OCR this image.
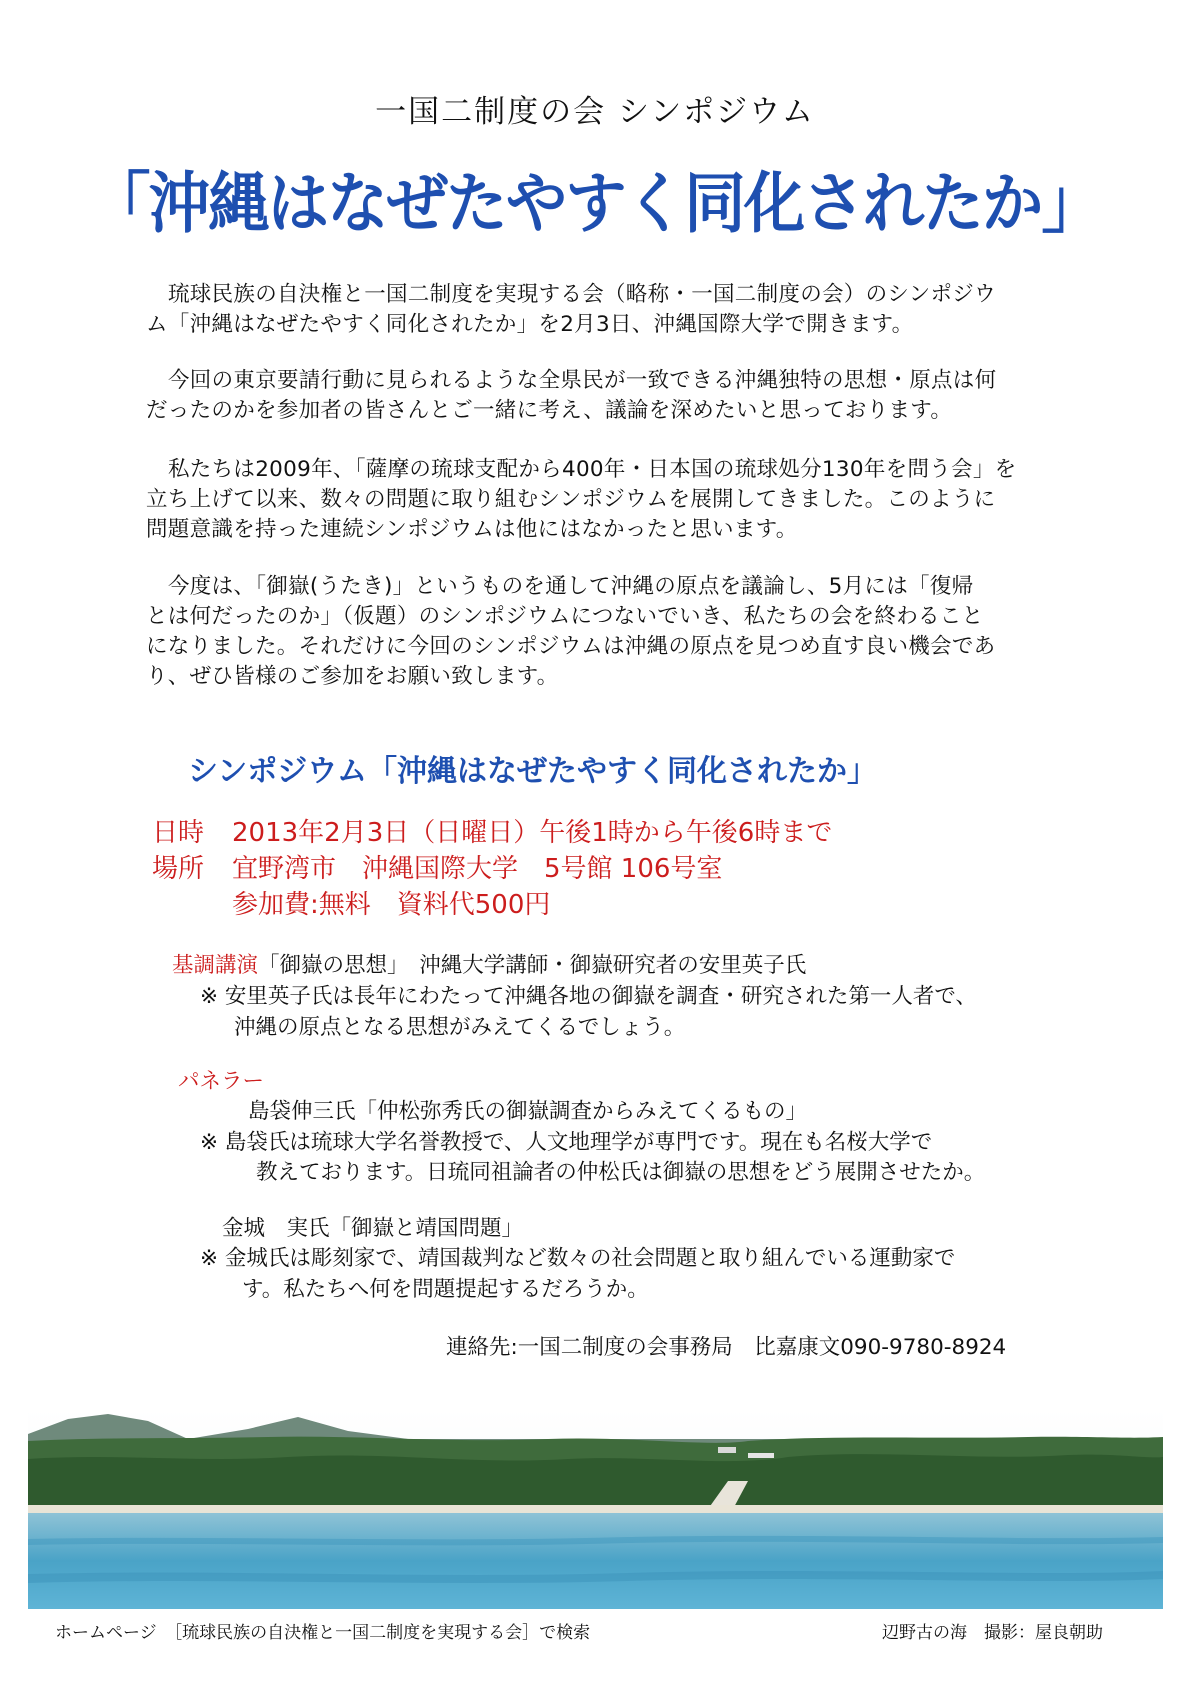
一国二制度の会 シンポジウム
「沖縄はなぜたやすく同化されたか」

琉球民族の自決権と一国二制度を実現する会（略称・一国二制度の会）のシンポジウ

ム「沖縄はなぜたやすく同化されたか」を2月3日、沖縄国際大学で開きます。

今回の東京要請行動に見られるような全県民が一致できる沖縄独特の思想・原点は何

だったのかを参加者の皆さんとご一緒に考え、議論を深めたいと思っております。

私たちは2009年、「薩摩の琉球支配から400年・日本国の琉球処分130年を問う会」を

立ち上げて以来、数々の問題に取り組むシンポジウムを展開してきました。このように

問題意識を持った連続シンポジウムは他にはなかったと思います。

今度は、「御嶽(うたき)」というものを通して沖縄の原点を議論し、5月には「復帰

とは何だったのか」（仮題）のシンポジウムにつないでいき、私たちの会を終わること

になりました。それだけに今回のシンポジウムは沖縄の原点を見つめ直す良い機会であ

り、ぜひ皆様のご参加をお願い致します。

シンポジウム「沖縄はなぜたやすく同化されたか」
日時 2013年2月3日（日曜日）午後1時から午後6時まで
場所 宜野湾市　沖縄国際大学　5号館 106号室
参加費:無料　資料代500円
基調講演 「御嶽の思想」　沖縄大学講師・御嶽研究者の安里英子氏
※ 安里英子氏は長年にわたって沖縄各地の御嶽を調査・研究された第一人者で、
沖縄の原点となる思想がみえてくるでしょう。
パネラー
島袋伸三氏「仲松弥秀氏の御嶽調査からみえてくるもの」
※ 島袋氏は琉球大学名誉教授で、人文地理学が専門です。現在も名桜大学で
教えております。日琉同祖論者の仲松氏は御嶽の思想をどう展開させたか。
金城　実氏「御嶽と靖国問題」
※ 金城氏は彫刻家で、靖国裁判など数々の社会問題と取り組んでいる運動家で
す。私たちへ何を問題提起するだろうか。
連絡先:一国二制度の会事務局　比嘉康文090-9780-8924
ホームページ　［琉球民族の自決権と一国二制度を実現する会］で検索	辺野古の海　撮影：屋良朝助
